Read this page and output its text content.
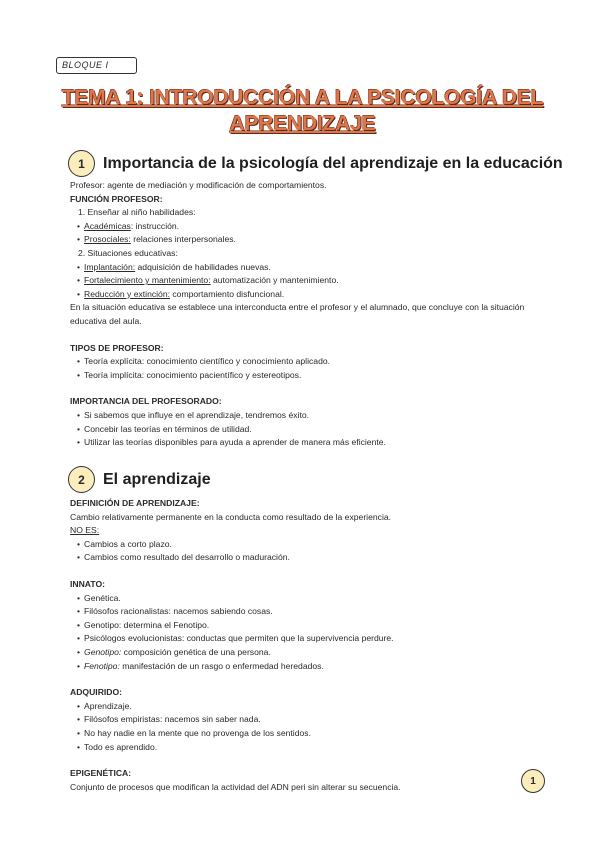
BLOQUE I
TEMA 1: INTRODUCCIÓN A LA PSICOLOGÍA DEL APRENDIZAJE
1	Importancia de la psicología del aprendizaje en la educación
Profesor: agente de mediación y modificación de comportamientos.
FUNCIÓN PROFESOR:
1. Enseñar al niño habilidades:
• Académicas: instrucción.
• Prosociales: relaciones interpersonales.
2. Situaciones educativas:
• Implantación: adquisición de habilidades nuevas.
• Fortalecimiento y mantenimiento: automatización y mantenimiento.
• Reducción y extinción: comportamiento disfuncional.
En la situación educativa se establece una interconducta entre el profesor y el alumnado, que concluye con la situación educativa del aula.
TIPOS DE PROFESOR:
• Teoría explícita: conocimiento científico y conocimiento aplicado.
• Teoría implícita: conocimiento pacientífico y estereotipos.
IMPORTANCIA DEL PROFESORADO:
• Si sabemos que influye en el aprendizaje, tendremos éxito.
• Concebir las teorías en términos de utilidad.
• Utilizar las teorías disponibles para ayuda a aprender de manera más eficiente.
2	El aprendizaje
DEFINICIÓN DE APRENDIZAJE:
Cambio relativamente permanente en la conducta como resultado de la experiencia.
NO ES:
• Cambios a corto plazo.
• Cambios como resultado del desarrollo o maduración.
INNATO:
• Genética.
• Filósofos racionalistas: nacemos sabiendo cosas.
• Genotipo: determina el Fenotipo.
• Psicólogos evolucionistas: conductas que permiten que la supervivencia perdure.
• Genotipo: composición genética de una persona.
• Fenotipo: manifestación de un rasgo o enfermedad heredados.
ADQUIRIDO:
• Aprendizaje.
• Filósofos empiristas: nacemos sin saber nada.
• No hay nadie en la mente que no provenga de los sentidos.
• Todo es aprendido.
EPIGENÉTICA:
Conjunto de procesos que modifican la actividad del ADN peri sin alterar su secuencia.
1
